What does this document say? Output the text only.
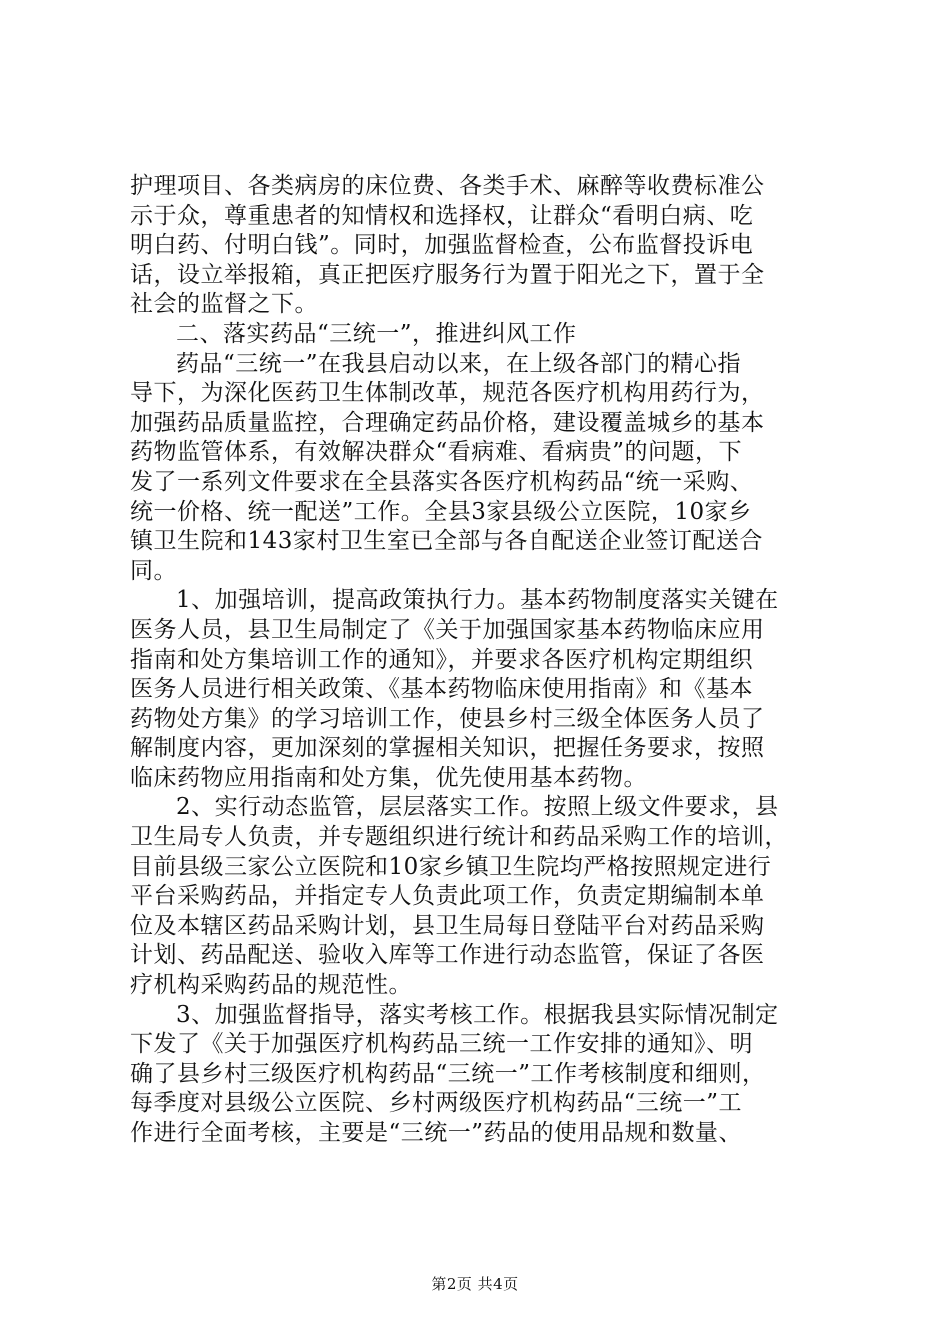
护理项目、各类病房的床位费、各类手术、麻醉等收费标准公
示于众，尊重患者的知情权和选择权，让群众“看明白病、吃
明白药、付明白钱”。同时，加强监督检查，公布监督投诉电
话，设立举报箱，真正把医疗服务行为置于阳光之下，置于全
社会的监督之下。
二、落实药品“三统一”，推进纠风工作
药品“三统一”在我县启动以来，在上级各部门的精心指
导下，为深化医药卫生体制改革，规范各医疗机构用药行为，
加强药品质量监控，合理确定药品价格，建设覆盖城乡的基本
药物监管体系，有效解决群众“看病难、看病贵”的问题，下
发了一系列文件要求在全县落实各医疗机构药品“统一采购、
统一价格、统一配送”工作。全县3家县级公立医院，10家乡
镇卫生院和143家村卫生室已全部与各自配送企业签订配送合
同。
1、加强培训，提高政策执行力。基本药物制度落实关键在
医务人员，县卫生局制定了《关于加强国家基本药物临床应用
指南和处方集培训工作的通知》，并要求各医疗机构定期组织
医务人员进行相关政策、《基本药物临床使用指南》和《基本
药物处方集》的学习培训工作，使县乡村三级全体医务人员了
解制度内容，更加深刻的掌握相关知识，把握任务要求，按照
临床药物应用指南和处方集，优先使用基本药物。
2、实行动态监管，层层落实工作。按照上级文件要求，县
卫生局专人负责，并专题组织进行统计和药品采购工作的培训，
目前县级三家公立医院和10家乡镇卫生院均严格按照规定进行
平台采购药品，并指定专人负责此项工作，负责定期编制本单
位及本辖区药品采购计划，县卫生局每日登陆平台对药品采购
计划、药品配送、验收入库等工作进行动态监管，保证了各医
疗机构采购药品的规范性。
3、加强监督指导，落实考核工作。根据我县实际情况制定
下发了《关于加强医疗机构药品三统一工作安排的通知》、明
确了县乡村三级医疗机构药品“三统一”工作考核制度和细则，
每季度对县级公立医院、乡村两级医疗机构药品“三统一”工
作进行全面考核，主要是“三统一”药品的使用品规和数量、
第2页 共4页
